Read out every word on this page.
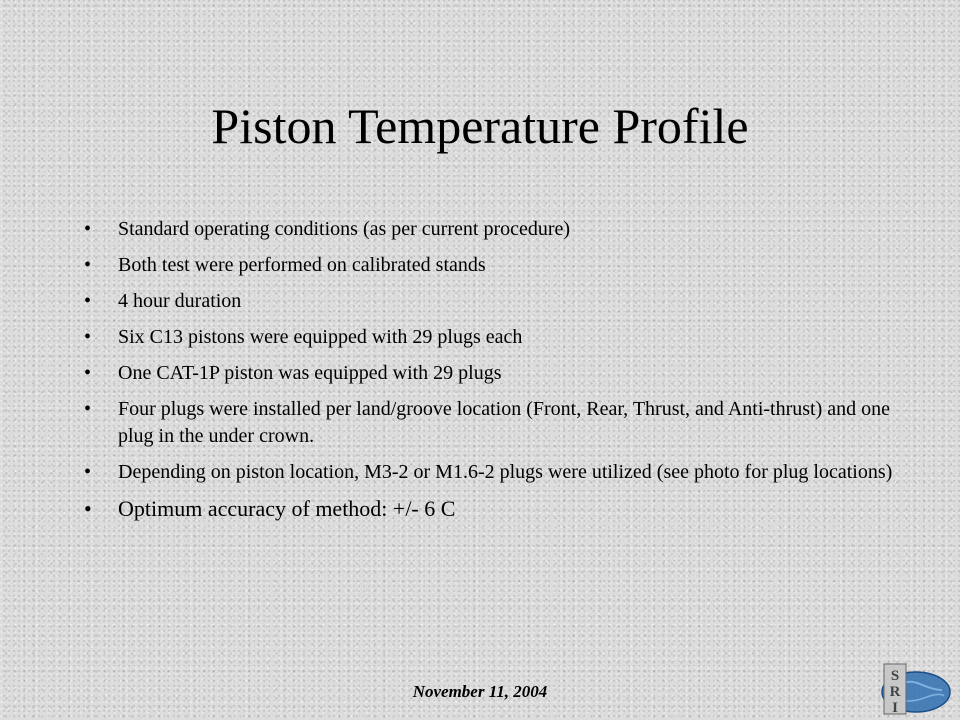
Piston Temperature Profile
• Standard operating conditions (as per current procedure)
• Both test were performed on calibrated stands
• 4 hour duration
• Six C13 pistons were equipped with 29 plugs each
• One CAT-1P piston was equipped with 29 plugs
• Four plugs were installed per land/groove location (Front, Rear, Thrust, and Anti-thrust) and one plug in the under crown.
• Depending on piston location, M3-2 or M1.6-2 plugs were utilized (see photo for plug locations)
• Optimum accuracy of method: +/- 6 C
November 11, 2004
S
R
I
